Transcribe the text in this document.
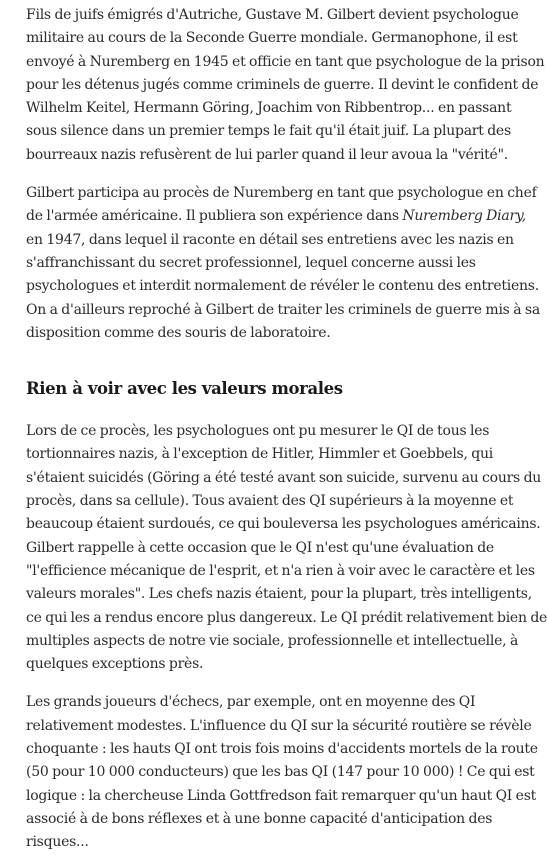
Fils de juifs émigrés d'Autriche, Gustave M. Gilbert devient psychologue
militaire au cours de la Seconde Guerre mondiale. Germanophone, il est
envoyé à Nuremberg en 1945 et officie en tant que psychologue de la prison
pour les détenus jugés comme criminels de guerre. Il devint le confident de
Wilhelm Keitel, Hermann Göring, Joachim von Ribbentrop... en passant
sous silence dans un premier temps le fait qu'il était juif. La plupart des
bourreaux nazis refusèrent de lui parler quand il leur avoua la "vérité".

Gilbert participa au procès de Nuremberg en tant que psychologue en chef
de l'armée américaine. Il publiera son expérience dans Nuremberg Diary,
en 1947, dans lequel il raconte en détail ses entretiens avec les nazis en
s'affranchissant du secret professionnel, lequel concerne aussi les
psychologues et interdit normalement de révéler le contenu des entretiens.
On a d'ailleurs reproché à Gilbert de traiter les criminels de guerre mis à sa
disposition comme des souris de laboratoire.

Rien à voir avec les valeurs morales

Lors de ce procès, les psychologues ont pu mesurer le QI de tous les
tortionnaires nazis, à l'exception de Hitler, Himmler et Goebbels, qui
s'étaient suicidés (Göring a été testé avant son suicide, survenu au cours du
procès, dans sa cellule). Tous avaient des QI supérieurs à la moyenne et
beaucoup étaient surdoués, ce qui bouleversa les psychologues américains.
Gilbert rappelle à cette occasion que le QI n'est qu'une évaluation de
"l'efficience mécanique de l'esprit, et n'a rien à voir avec le caractère et les
valeurs morales". Les chefs nazis étaient, pour la plupart, très intelligents,
ce qui les a rendus encore plus dangereux. Le QI prédit relativement bien de
multiples aspects de notre vie sociale, professionnelle et intellectuelle, à
quelques exceptions près.

Les grands joueurs d'échecs, par exemple, ont en moyenne des QI
relativement modestes. L'influence du QI sur la sécurité routière se révèle
choquante : les hauts QI ont trois fois moins d'accidents mortels de la route
(50 pour 10 000 conducteurs) que les bas QI (147 pour 10 000) ! Ce qui est
logique : la chercheuse Linda Gottfredson fait remarquer qu'un haut QI est
associé à de bons réflexes et à une bonne capacité d'anticipation des
risques...
